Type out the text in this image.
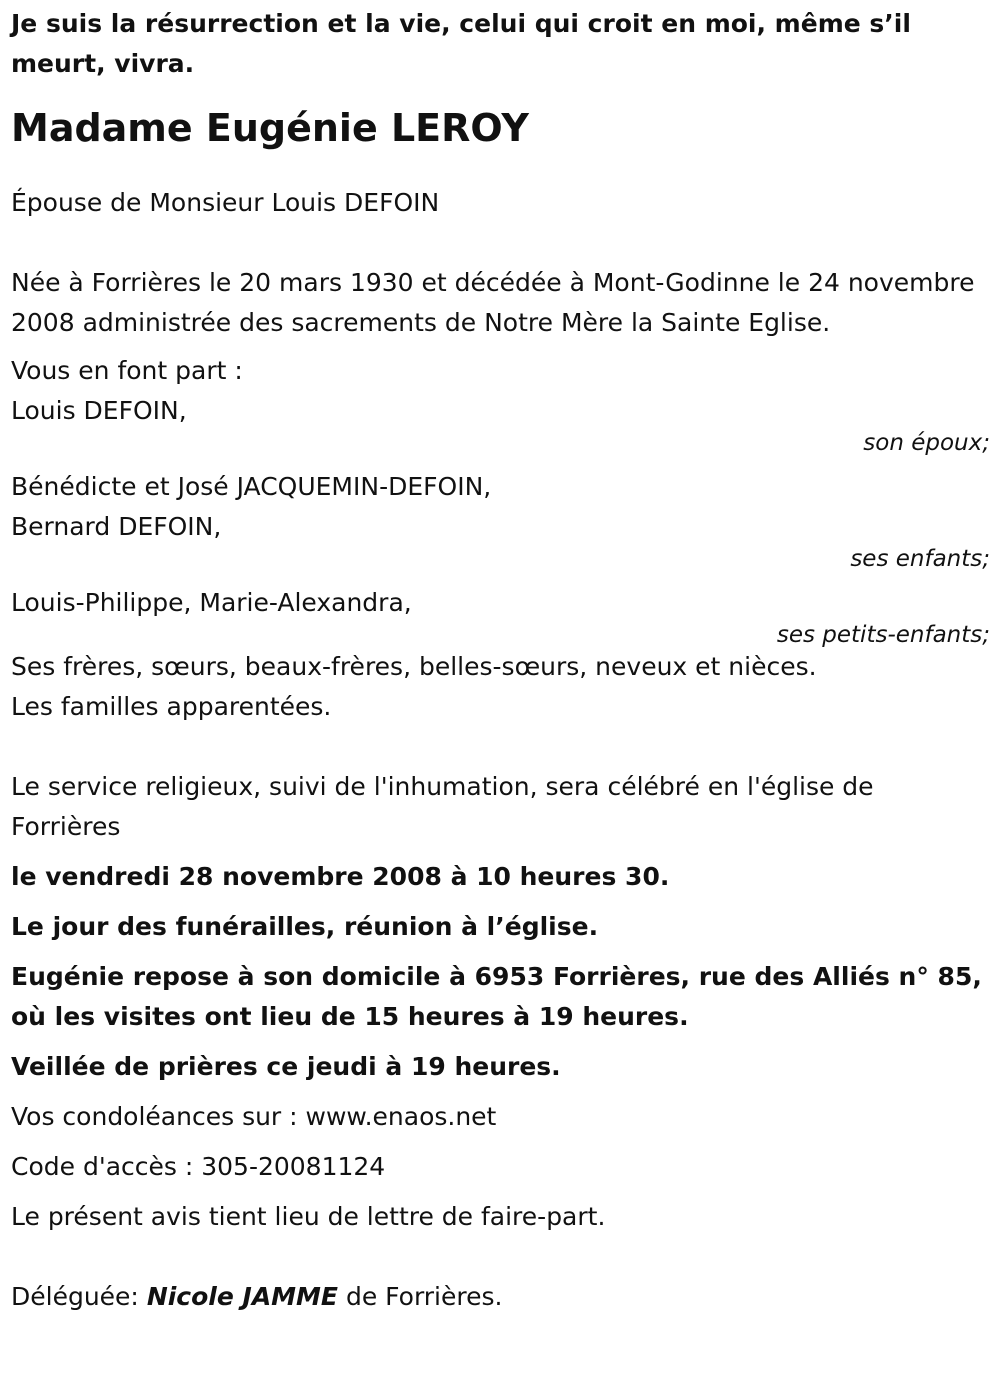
Je suis la résurrection et la vie, celui qui croit en moi, même s’il meurt, vivra.

Madame Eugénie LEROY

Épouse de Monsieur Louis DEFOIN

Née à Forrières le 20 mars 1930 et décédée à Mont-Godinne le 24 novembre 2008 administrée des sacrements de Notre Mère la Sainte Eglise.

Vous en font part :

Louis DEFOIN,

son époux;

Bénédicte et José JACQUEMIN-DEFOIN,

Bernard DEFOIN,

ses enfants;

Louis-Philippe, Marie-Alexandra,

ses petits-enfants;

Ses frères, sœurs, beaux-frères, belles-sœurs, neveux et nièces.

Les familles apparentées.

Le service religieux, suivi de l'inhumation, sera célébré en l'église de Forrières

le vendredi 28 novembre 2008 à 10 heures 30.

Le jour des funérailles, réunion à l’église.

Eugénie repose à son domicile à 6953 Forrières, rue des Alliés n° 85, où les visites ont lieu de 15 heures à 19 heures.

Veillée de prières ce jeudi à 19 heures.

Vos condoléances sur : www.enaos.net

Code d'accès : 305-20081124

Le présent avis tient lieu de lettre de faire-part.

Déléguée: Nicole JAMME de Forrières.
